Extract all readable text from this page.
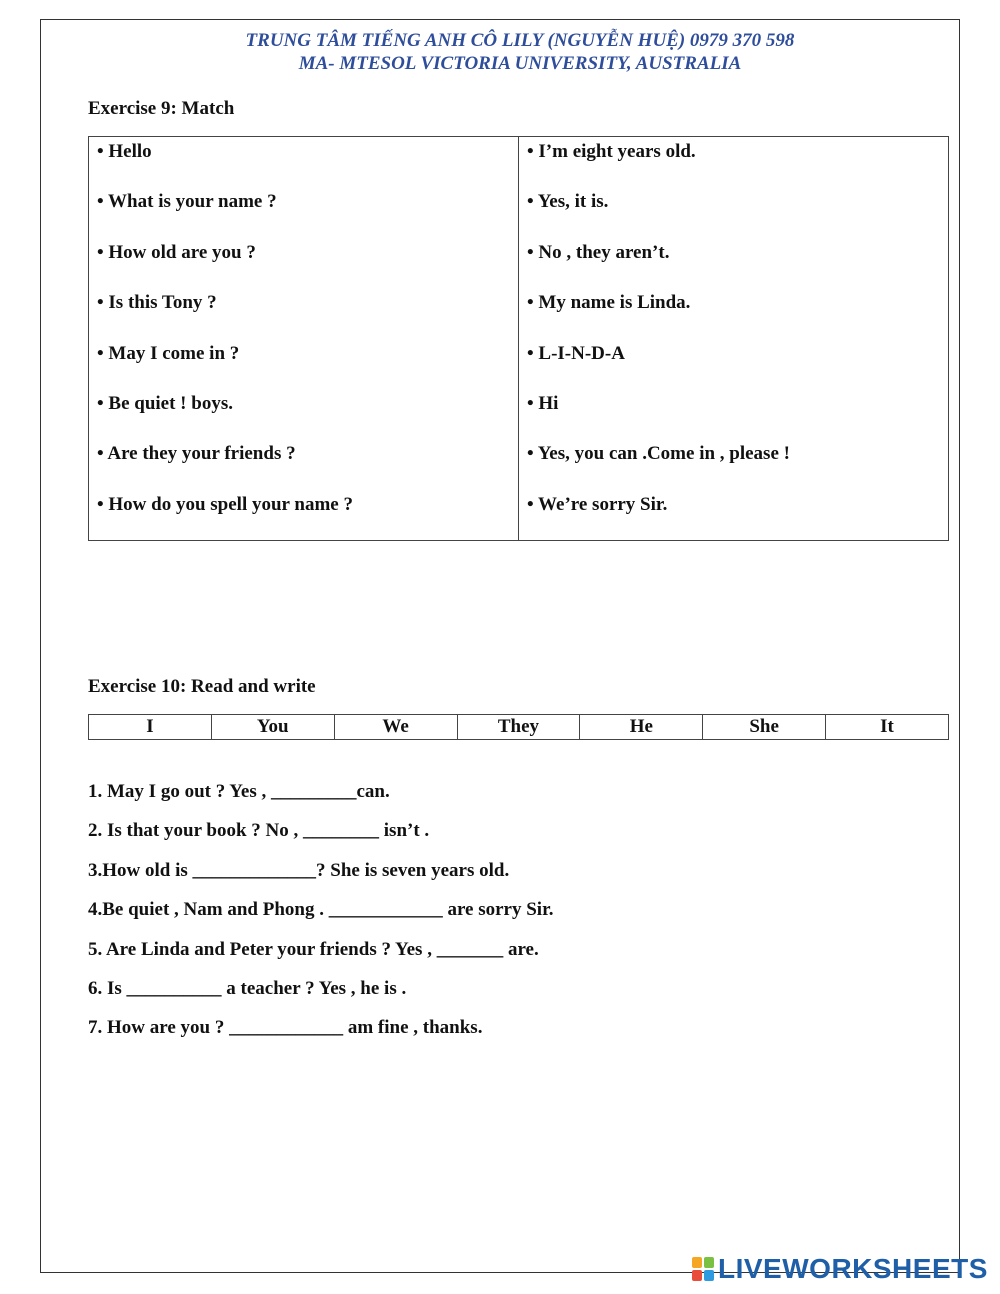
TRUNG TÂM TIẾNG ANH CÔ LILY (NGUYỄN HUỆ) 0979 370 598
MA- MTESOL VICTORIA UNIVERSITY, AUSTRALIA
Exercise 9: Match
• Hello
• What is your name ?
• How old are you ?
• Is this Tony ?
• May I come in ?
• Be quiet ! boys.
• Are they your friends ?
• How do you spell your name ?

• I’m eight years old.
• Yes, it is.
• No , they aren’t.
• My name is Linda.
• L-I-N-D-A
• Hi
• Yes, you can .Come in , please !
• We’re sorry Sir.
Exercise 10: Read and write
I	You	We	They	He	She	It
1. May I go out ? Yes , _________can.
2. Is that your book ? No , ________ isn’t .
3.How old is _____________? She is seven years old.
4.Be quiet , Nam and Phong . ____________ are sorry Sir.
5. Are Linda and Peter your friends ? Yes , _______ are.
6. Is __________ a teacher ? Yes , he is .
7. How are you ? ____________ am fine , thanks.
LIVEWORKSHEETS
